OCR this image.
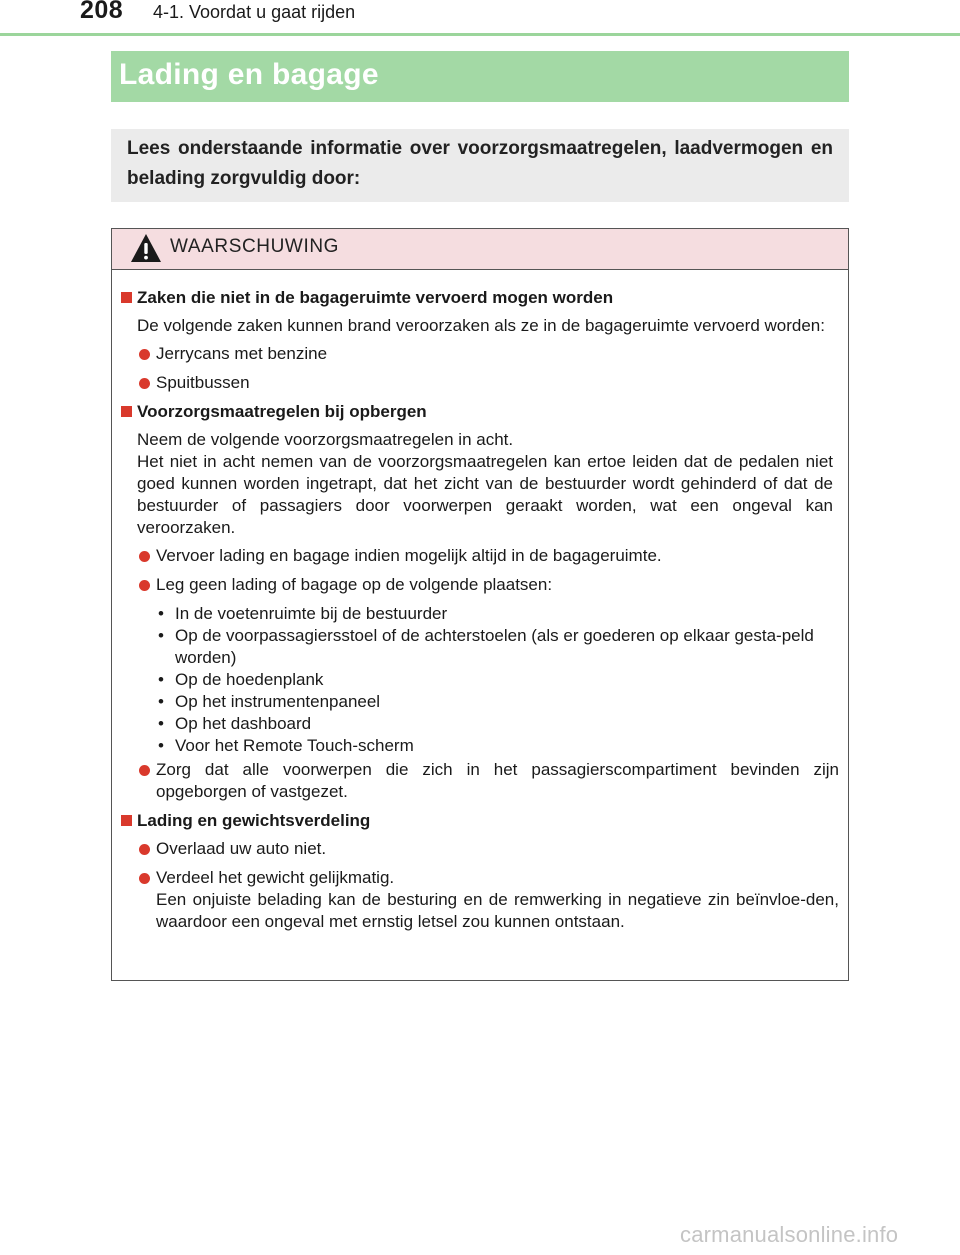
208 4-1. Voordat u gaat rijden
Lading en bagage
Lees onderstaande informatie over voorzorgsmaatregelen, laadvermogen en belading zorgvuldig door:
WAARSCHUWING
Zaken die niet in de bagageruimte vervoerd mogen worden
De volgende zaken kunnen brand veroorzaken als ze in de bagageruimte vervoerd worden:
Jerrycans met benzine
Spuitbussen
Voorzorgsmaatregelen bij opbergen
Neem de volgende voorzorgsmaatregelen in acht.
Het niet in acht nemen van de voorzorgsmaatregelen kan ertoe leiden dat de pedalen niet goed kunnen worden ingetrapt, dat het zicht van de bestuurder wordt gehinderd of dat de bestuurder of passagiers door voorwerpen geraakt worden, wat een ongeval kan veroorzaken.
Vervoer lading en bagage indien mogelijk altijd in de bagageruimte.
Leg geen lading of bagage op de volgende plaatsen:
• In de voetenruimte bij de bestuurder
• Op de voorpassagiersstoel of de achterstoelen (als er goederen op elkaar gesta-peld worden)
• Op de hoedenplank
• Op het instrumentenpaneel
• Op het dashboard
• Voor het Remote Touch-scherm
Zorg dat alle voorwerpen die zich in het passagierscompartiment bevinden zijn opgeborgen of vastgezet.
Lading en gewichtsverdeling
Overlaad uw auto niet.
Verdeel het gewicht gelijkmatig.
Een onjuiste belading kan de besturing en de remwerking in negatieve zin beïnvloe-den, waardoor een ongeval met ernstig letsel zou kunnen ontstaan.
carmanualsonline.info
